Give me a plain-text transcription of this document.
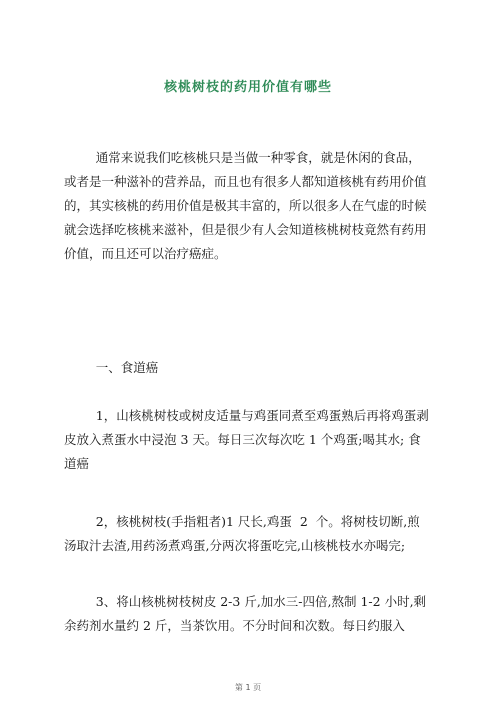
核桃树枝的药用价值有哪些

通常来说我们吃核桃只是当做一种零食，就是休闲的食品，或者是一种滋补的营养品，而且也有很多人都知道核桃有药用价值的，其实核桃的药用价值是极其丰富的，所以很多人在气虚的时候就会选择吃核桃来滋补，但是很少有人会知道核桃树枝竟然有药用价值，而且还可以治疗癌症。

一、食道癌

1，山核桃树枝或树皮适量与鸡蛋同煮至鸡蛋熟后再将鸡蛋剥皮放入煮蛋水中浸泡 3 天。每日三次每次吃 1 个鸡蛋;喝其水; 食道癌

2，核桃树枝(手指粗者)1 尺长,鸡蛋  2  个。将树枝切断,煎汤取汁去渣,用药汤煮鸡蛋,分两次将蛋吃完,山核桃枝水亦喝完;

3、将山核桃树枝树皮 2-3 斤,加水三-四倍,熬制 1-2 小时,剩余药剂水量约 2 斤，当茶饮用。不分时间和次数。每日约服入

第 1 页
